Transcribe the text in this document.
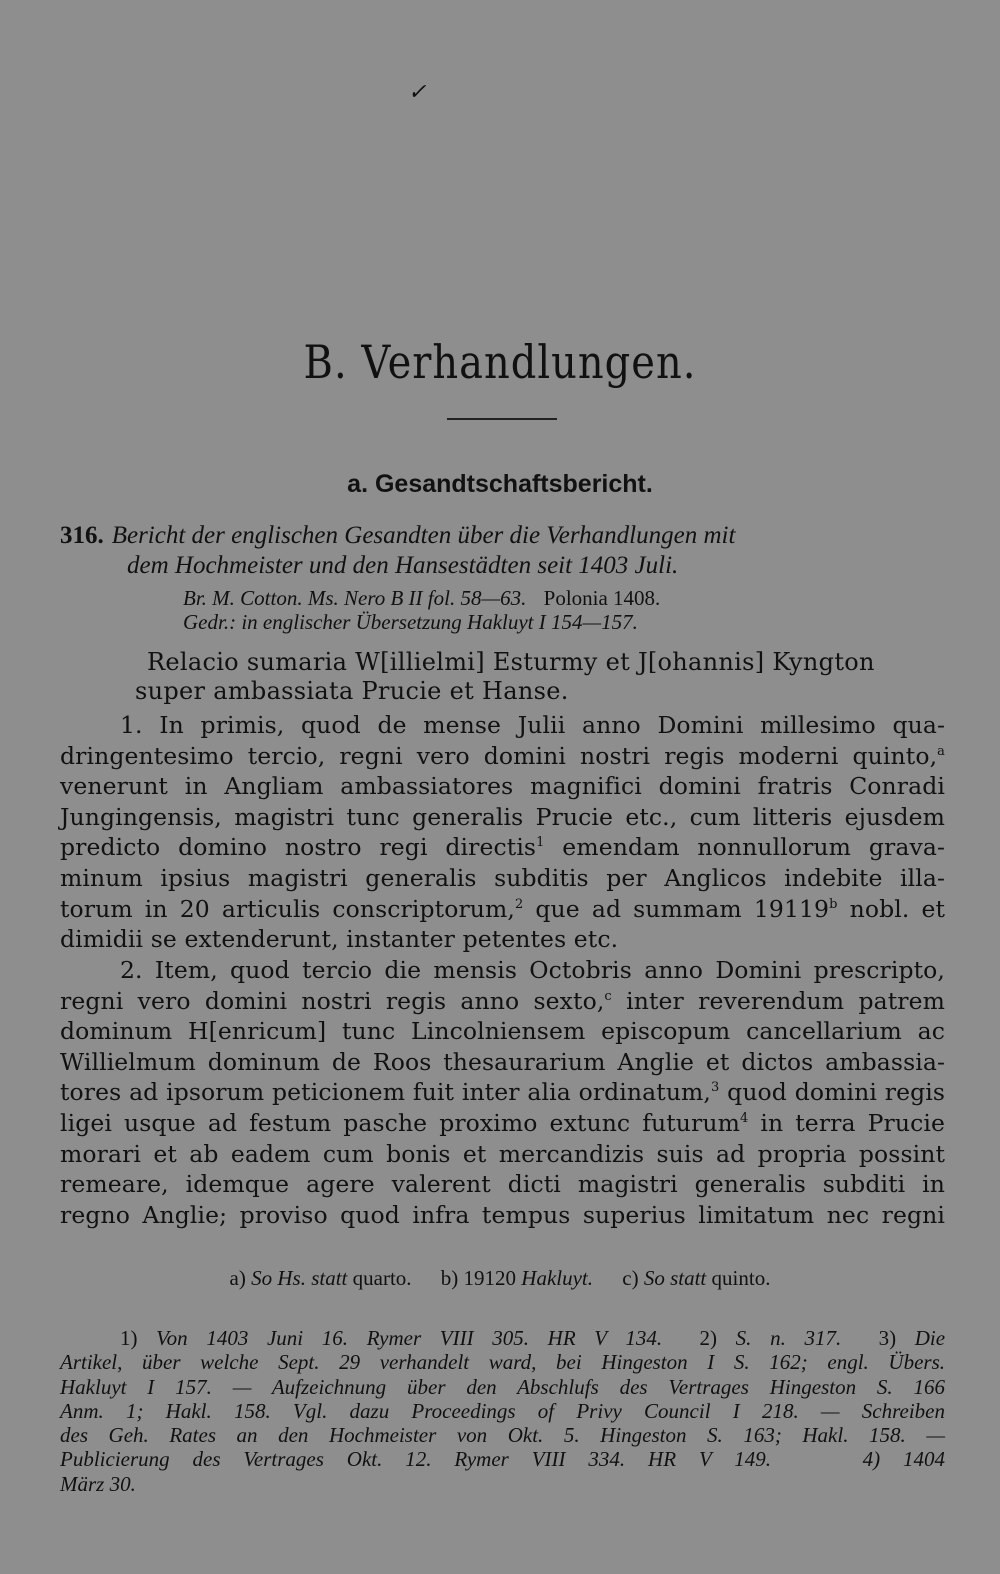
✓
B. Verhandlungen.
a. Gesandtschaftsbericht.
316. Bericht der englischen Gesandten über die Verhandlungen mit
dem Hochmeister und den Hansestädten seit 1403 Juli.
Br. M. Cotton. Ms. Nero B II fol. 58—63. Polonia 1408.
Gedr.: in englischer Übersetzung Hakluyt I 154—157.
Relacio sumaria W[illielmi] Esturmy et J[ohannis] Kyngton
super ambassiata Prucie et Hanse.
1. In primis, quod de mense Julii anno Domini millesimo qua-
dringentesimo tercio, regni vero domini nostri regis moderni quinto,$^a$
venerunt in Angliam ambassiatores magnifici domini fratris Conradi
Jungingensis, magistri tunc generalis Prucie etc., cum litteris ejusdem
predicto domino nostro regi directis$^1$ emendam nonnullorum grava-
minum ipsius magistri generalis subditis per Anglicos indebite illa-
torum in 20 articulis conscriptorum,$^2$ que ad summam 19119$^b$ nobl. et
dimidii se extenderunt, instanter petentes etc.
2. Item, quod tercio die mensis Octobris anno Domini prescripto,
regni vero domini nostri regis anno sexto,$^c$ inter reverendum patrem
dominum H[enricum] tunc Lincolniensem episcopum cancellarium ac
Willielmum dominum de Roos thesaurarium Anglie et dictos ambassia-
tores ad ipsorum peticionem fuit inter alia ordinatum,$^3$ quod domini regis
ligei usque ad festum pasche proximo extunc futurum$^4$ in terra Prucie
morari et ab eadem cum bonis et mercandizis suis ad propria possint
remeare, idemque agere valerent dicti magistri generalis subditi in
regno Anglie; proviso quod infra tempus superius limitatum nec regni
a) So Hs. statt quarto. b) 19120 Hakluyt. c) So statt quinto.
1) Von 1403 Juni 16. Rymer VIII 305. HR V 134. 2) S. n. 317. 3) Die
Artikel, über welche Sept. 29 verhandelt ward, bei Hingeston I S. 162; engl. Übers.
Hakluyt I 157. — Aufzeichnung über den Abschlufs des Vertrages Hingeston S. 166
Anm. 1; Hakl. 158. Vgl. dazu Proceedings of Privy Council I 218. — Schreiben
des Geh. Rates an den Hochmeister von Okt. 5. Hingeston S. 163; Hakl. 158. —
Publicierung des Vertrages Okt. 12. Rymer VIII 334. HR V 149.	4) 1404
März 30.
